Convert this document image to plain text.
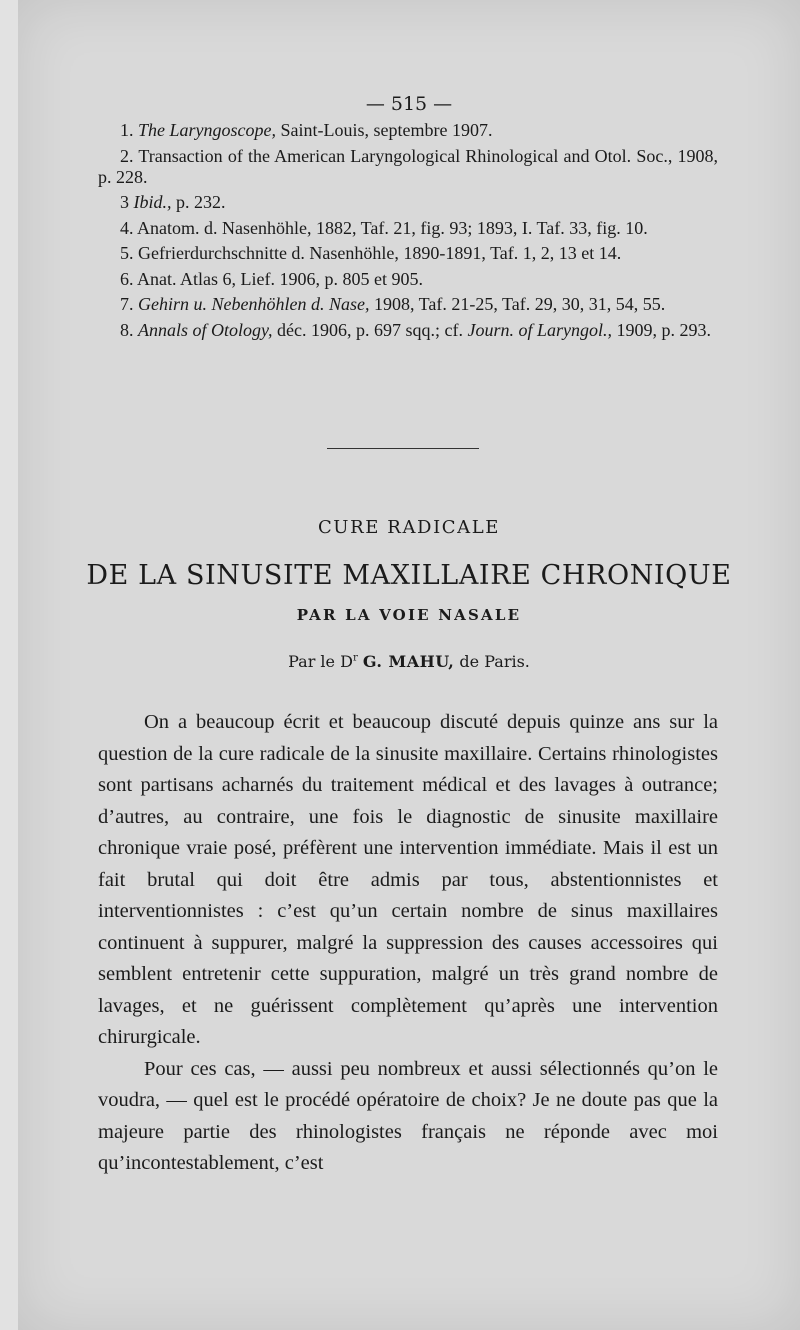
— 515 —

1. The Laryngoscope, Saint-Louis, septembre 1907.

2. Transaction of the American Laryngological Rhinological and Otol. Soc., 1908, p. 228.

3 Ibid., p. 232.

4. Anatom. d. Nasenhöhle, 1882, Taf. 21, fig. 93; 1893, I. Taf. 33, fig. 10.

5. Gefrierdurchschnitte d. Nasenhöhle, 1890-1891, Taf. 1, 2, 13 et 14.

6. Anat. Atlas 6, Lief. 1906, p. 805 et 905.

7. Gehirn u. Nebenhöhlen d. Nase, 1908, Taf. 21-25, Taf. 29, 30, 31, 54, 55.

8. Annals of Otology, déc. 1906, p. 697 sqq.; cf. Journ. of Laryngol., 1909, p. 293.

CURE RADICALE
DE LA SINUSITE MAXILLAIRE CHRONIQUE
PAR LA VOIE NASALE
Par le $D^r$ G. MAHU, de Paris.

On a beaucoup écrit et beaucoup discuté depuis quinze ans sur la question de la cure radicale de la sinusite maxillaire. Certains rhinologistes sont partisans acharnés du traitement médical et des lavages à outrance; d’autres, au contraire, une fois le diagnostic de sinusite maxillaire chronique vraie posé, préfèrent une intervention immédiate. Mais il est un fait brutal qui doit être admis par tous, abstentionnistes et interventionnistes : c’est qu’un certain nombre de sinus maxillaires continuent à suppurer, malgré la suppression des causes accessoires qui semblent entretenir cette suppuration, malgré un très grand nombre de lavages, et ne guérissent complètement qu’après une intervention chirurgicale.

Pour ces cas, — aussi peu nombreux et aussi sélectionnés qu’on le voudra, — quel est le procédé opératoire de choix? Je ne doute pas que la majeure partie des rhinologistes français ne réponde avec moi qu’incontestablement, c’est
